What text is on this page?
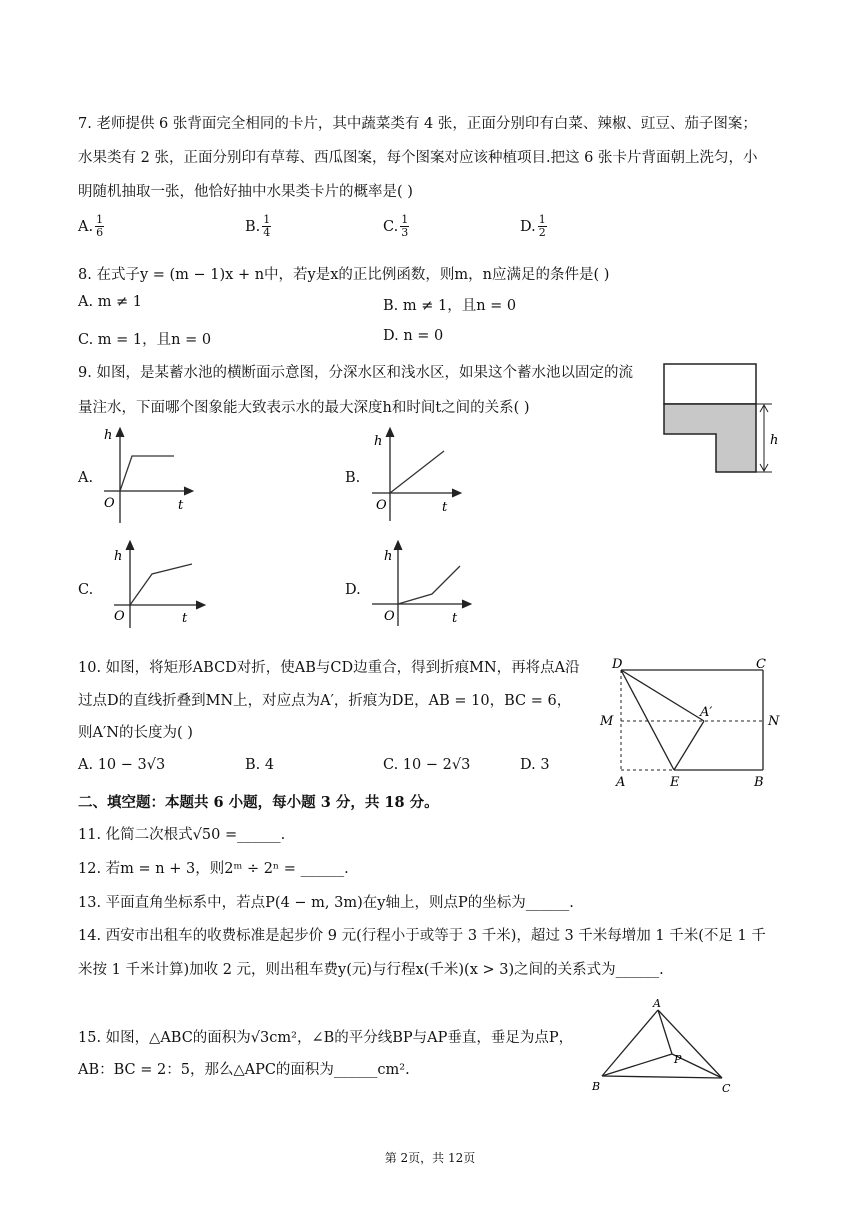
7. 老师提供 6 张背面完全相同的卡片，其中蔬菜类有 4 张，正面分别印有白菜、辣椒、豇豆、茄子图案；
水果类有 2 张，正面分别印有草莓、西瓜图案，每个图案对应该种植项目.把这 6 张卡片背面朝上洗匀，小
明随机抽取一张，他恰好抽中水果类卡片的概率是( )
A. $\frac{1}{6}$	B. $\frac{1}{4}$	C. $\frac{1}{3}$	D. $\frac{1}{2}$
8. 在式子y = (m − 1)x + n中，若y是x的正比例函数，则m，n应满足的条件是( )
A. m ≠ 1	B. m ≠ 1，且n = 0
C. m = 1，且n = 0	D. n = 0
9. 如图，是某蓄水池的横断面示意图，分深水区和浅水区，如果这个蓄水池以固定的流
量注水，下面哪个图象能大致表示水的最大深度h和时间t之间的关系( )
h
A.	B.
C.	D.
h
O	t
h
O	t
h
O	t
h
O	t
10. 如图，将矩形ABCD对折，使AB与CD边重合，得到折痕MN，再将点A沿
过点D的直线折叠到MN上，对应点为A′，折痕为DE，AB = 10，BC = 6，
则A′N的长度为( )
A. 10 − 3√3	B. 4	C. 10 − 2√3	D. 3
D	C
M	N
A′
A	E	B
二、填空题：本题共 6 小题，每小题 3 分，共 18 分。
11. 化简二次根式√50 =______.
12. 若m = n + 3，则2ᵐ ÷ 2ⁿ = ______.
13. 平面直角坐标系中，若点P(4 − m, 3m)在y轴上，则点P的坐标为______.
14. 西安市出租车的收费标准是起步价 9 元(行程小于或等于 3 千米)，超过 3 千米每增加 1 千米(不足 1 千
米按 1 千米计算)加收 2 元，则出租车费y(元)与行程x(千米)(x > 3)之间的关系式为______.
15. 如图，△ABC的面积为√3cm²，∠B的平分线BP与AP垂直，垂足为点P，
AB：BC = 2：5，那么△APC的面积为______cm².
A
P
B	C
第 2页，共 12页
